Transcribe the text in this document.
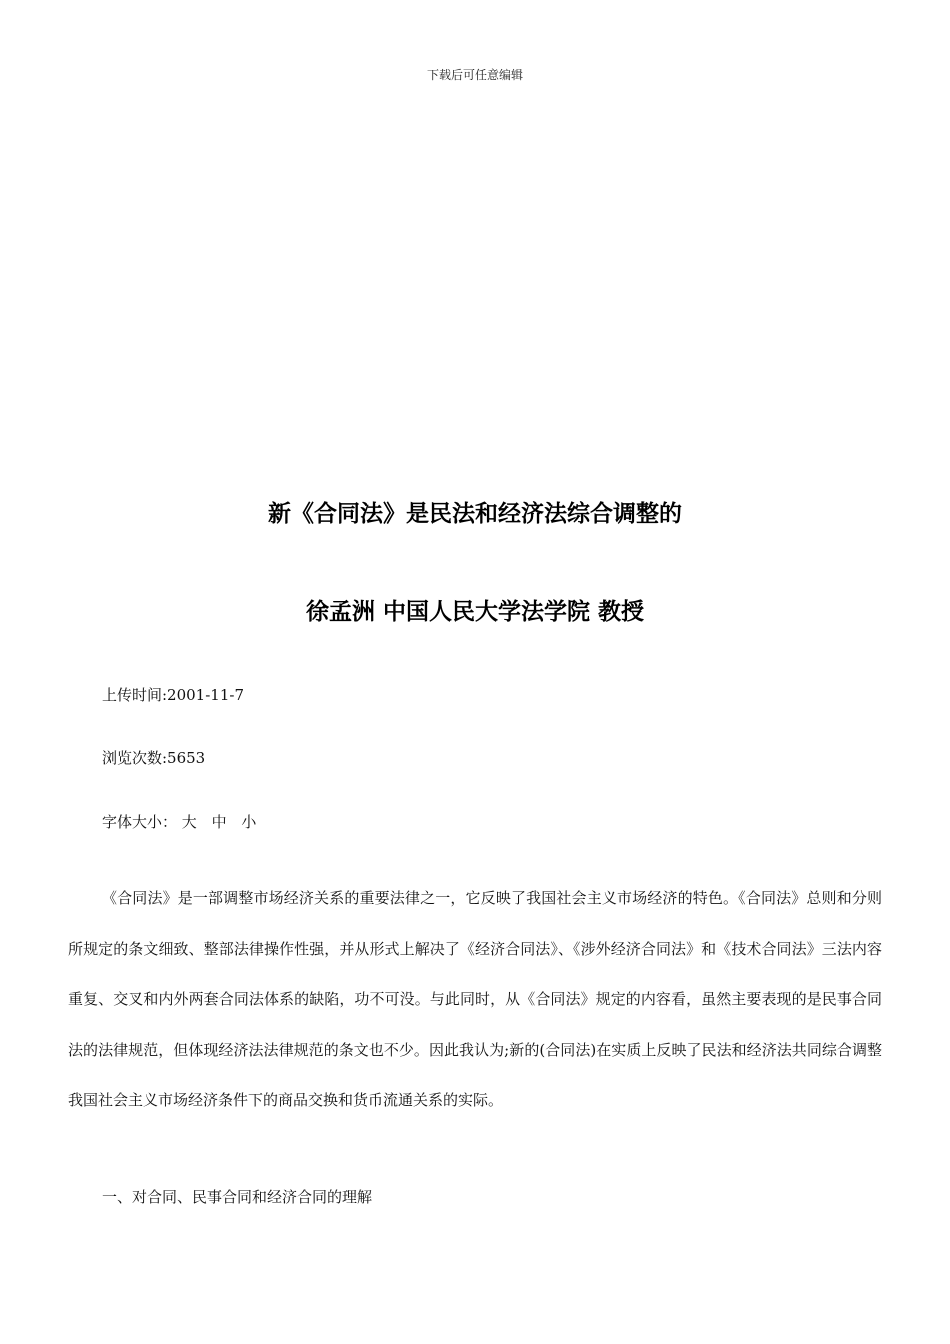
下载后可任意编辑
新《合同法》是民法和经济法综合调整的
徐孟洲 中国人民大学法学院 教授
上传时间:2001-11-7
浏览次数:5653
字体大小： 大 中 小

《合同法》是一部调整市场经济关系的重要法律之一，它反映了我国社会主义市场经济的特色。《合同法》总则和分则所规定的条文细致、整部法律操作性强，并从形式上解决了《经济合同法》、《涉外经济合同法》和《技术合同法》三法内容重复、交叉和内外两套合同法体系的缺陷，功不可没。与此同时，从《合同法》规定的内容看，虽然主要表现的是民事合同法的法律规范，但体现经济法法律规范的条文也不少。因此我认为;新的(合同法)在实质上反映了民法和经济法共同综合调整我国社会主义市场经济条件下的商品交换和货币流通关系的实际。

一、对合同、民事合同和经济合同的理解
